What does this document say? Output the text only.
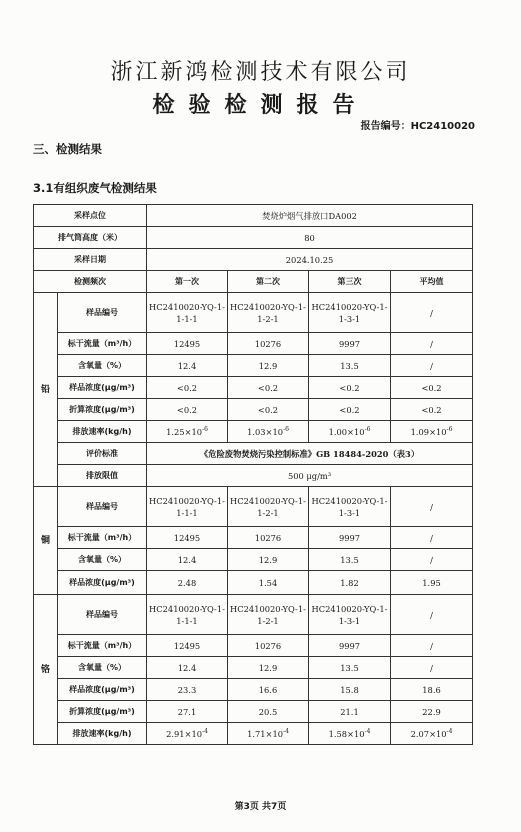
浙江新鸿检测技术有限公司
检验检测报告
报告编号：HC2410020
三、检测结果
3.1有组织废气检测结果
采样点位		焚烧炉烟气排放口DA002			
排气筒高度（米）		80			
采样日期		2024.10.25			
检测频次		第一次	第二次	第三次	平均值
铅	样品编号	HC2410020-YQ-1-1-1-1	HC2410020-YQ-1-1-2-1	HC2410020-YQ-1-1-3-1	/
	标干流量（m³/h）	12495	10276	9997	/
	含氧量（%）	12.4	12.9	13.5	/
	样品浓度(μg/m³)	<0.2	<0.2	<0.2	<0.2
	折算浓度(μg/m³)	<0.2	<0.2	<0.2	<0.2
	排放速率(kg/h)	$1.25\times 10^{-6}$	$1.03\times 10^{-6}$	$1.00\times 10^{-6}$	$1.09\times 10^{-6}$
	评价标准	《危险废物焚烧污染控制标准》GB 18484-2020（表3）			
	排放限值	500 μg/m³			
铜	样品编号	HC2410020-YQ-1-1-1-1	HC2410020-YQ-1-1-2-1	HC2410020-YQ-1-1-3-1	/
	标干流量（m³/h）	12495	10276	9997	/
	含氧量（%）	12.4	12.9	13.5	/
	样品浓度(μg/m³)	2.48	1.54	1.82	1.95
铬	样品编号	HC2410020-YQ-1-1-1-1	HC2410020-YQ-1-1-2-1	HC2410020-YQ-1-1-3-1	/
	标干流量（m³/h）	12495	10276	9997	/
	含氧量（%）	12.4	12.9	13.5	/
	样品浓度(μg/m³)	23.3	16.6	15.8	18.6
	折算浓度(μg/m³)	27.1	20.5	21.1	22.9
	排放速率(kg/h)	$2.91\times 10^{-4}$	$1.71\times 10^{-4}$	$1.58\times 10^{-4}$	$2.07\times 10^{-4}$
第3页 共7页
